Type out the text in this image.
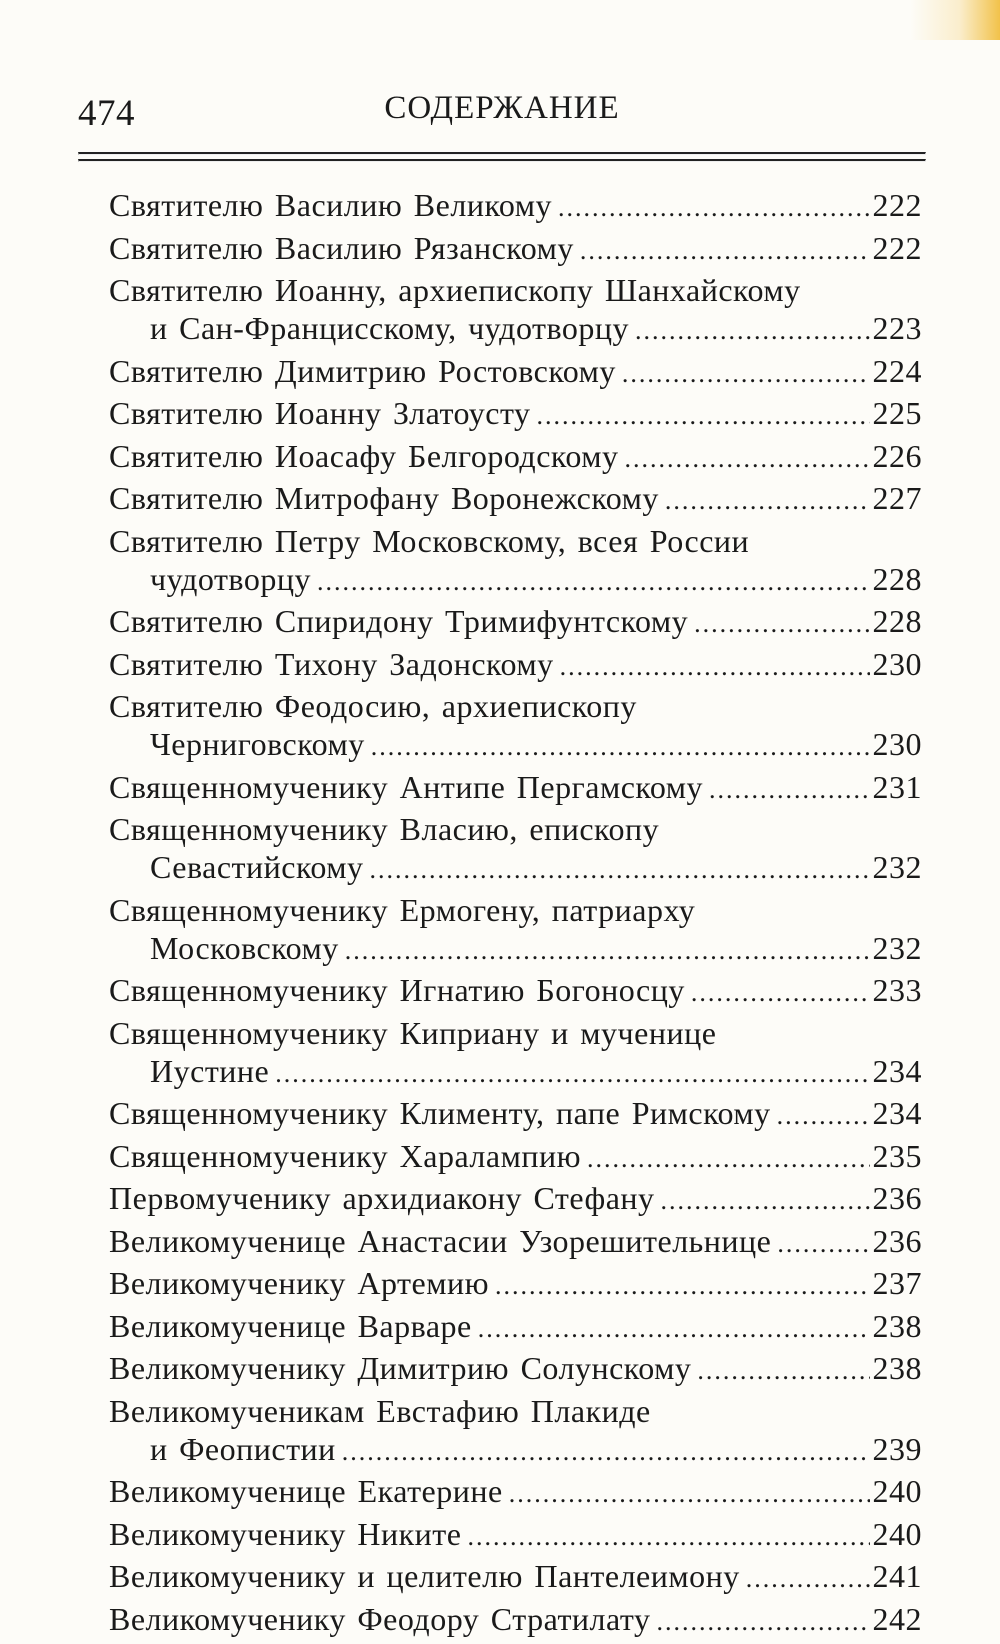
474	СОДЕРЖАНИЕ
Святителю Василию Великому .....	222
Святителю Василию Рязанскому .....	222
Святителю Иоанну, архиепископу Шанхайскому
и Сан-Францисскому, чудотворцу .....	223
Святителю Димитрию Ростовскому .....	224
Святителю Иоанну Златоусту .....	225
Святителю Иоасафу Белгородскому .....	226
Святителю Митрофану Воронежскому .....	227
Святителю Петру Московскому, всея России
чудотворцу .....	228
Святителю Спиридону Тримифунтскому .....	228
Святителю Тихону Задонскому .....	230
Святителю Феодосию, архиепископу
Черниговскому .....	230
Священномученику Антипе Пергамскому .....	231
Священномученику Власию, епископу
Севастийскому .....	232
Священномученику Ермогену, патриарху
Московскому .....	232
Священномученику Игнатию Богоносцу .....	233
Священномученику Киприану и мученице
Иустине .....	234
Священномученику Клименту, папе Римскому .....	234
Священномученику Харалампию .....	235
Первомученику архидиакону Стефану .....	236
Великомученице Анастасии Узорешительнице .....	236
Великомученику Артемию .....	237
Великомученице Варваре .....	238
Великомученику Димитрию Солунскому .....	238
Великомученикам Евстафию Плакиде
и Феопистии .....	239
Великомученице Екатерине .....	240
Великомученику Никите .....	240
Великомученику и целителю Пантелеимону .....	241
Великомученику Феодору Стратилату .....	242
